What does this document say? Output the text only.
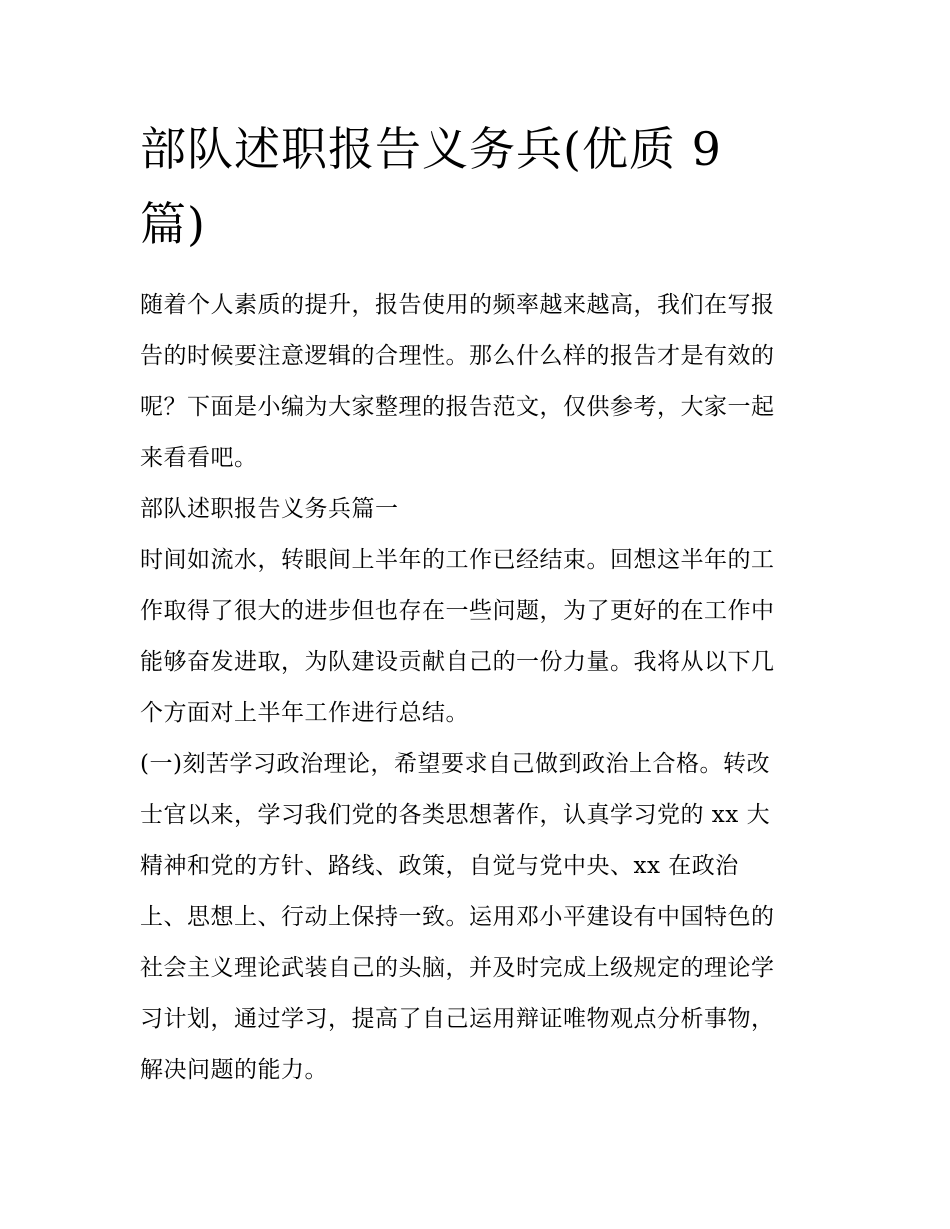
部队述职报告义务兵(优质 9
篇)

随着个人素质的提升，报告使用的频率越来越高，我们在写报
告的时候要注意逻辑的合理性。那么什么样的报告才是有效的
呢？下面是小编为大家整理的报告范文，仅供参考，大家一起
来看看吧。

部队述职报告义务兵篇一

时间如流水，转眼间上半年的工作已经结束。回想这半年的工
作取得了很大的进步但也存在一些问题，为了更好的在工作中
能够奋发进取，为队建设贡献自己的一份力量。我将从以下几
个方面对上半年工作进行总结。

(一)刻苦学习政治理论，希望要求自己做到政治上合格。转改
士官以来，学习我们党的各类思想著作，认真学习党的 xx 大
精神和党的方针、路线、政策，自觉与党中央、xx 在政治
上、思想上、行动上保持一致。运用邓小平建设有中国特色的
社会主义理论武装自己的头脑，并及时完成上级规定的理论学
习计划，通过学习，提高了自己运用辩证唯物观点分析事物，
解决问题的能力。
